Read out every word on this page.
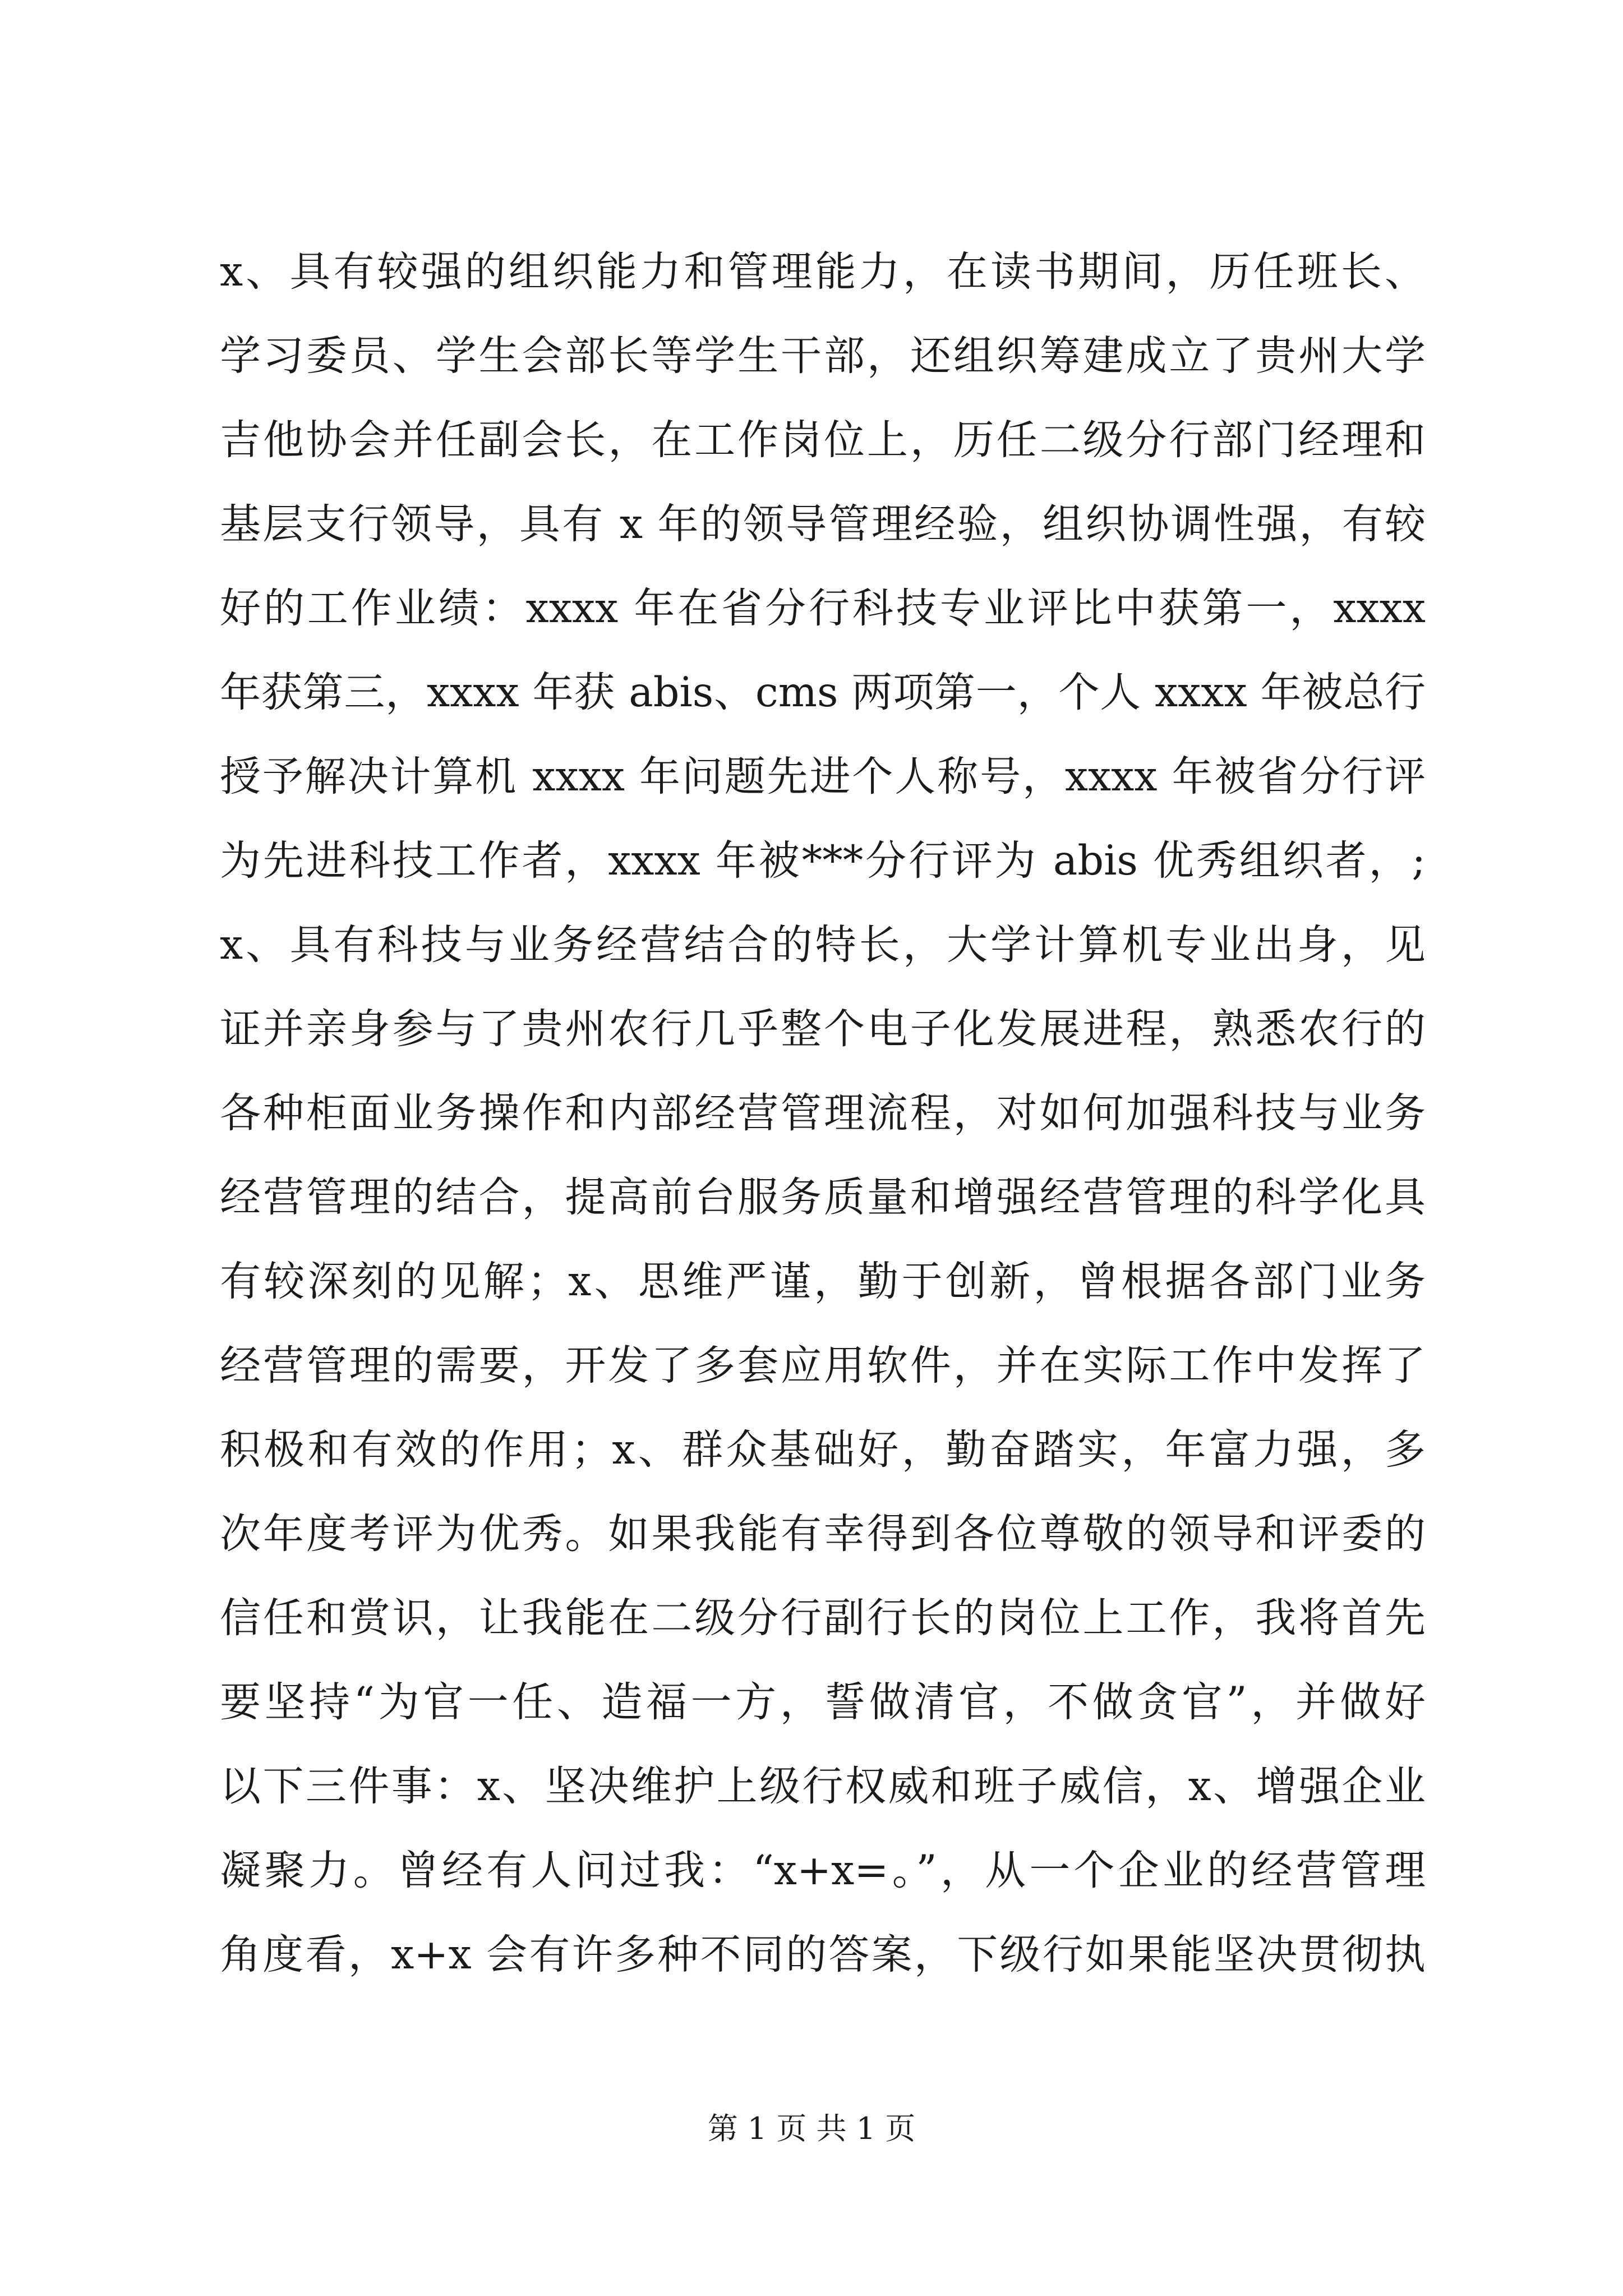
x、具有较强的组织能力和管理能力，在读书期间，历任班长、
学习委员、学生会部长等学生干部，还组织筹建成立了贵州大学
吉他协会并任副会长，在工作岗位上，历任二级分行部门经理和
基层支行领导，具有 x 年的领导管理经验，组织协调性强，有较
好的工作业绩：xxxx 年在省分行科技专业评比中获第一，xxxx
年获第三，xxxx 年获 abis、cms 两项第一，个人 xxxx 年被总行
授予解决计算机 xxxx 年问题先进个人称号，xxxx 年被省分行评
为先进科技工作者，xxxx 年被***分行评为 abis 优秀组织者，;
x、具有科技与业务经营结合的特长，大学计算机专业出身，见
证并亲身参与了贵州农行几乎整个电子化发展进程，熟悉农行的
各种柜面业务操作和内部经营管理流程，对如何加强科技与业务
经营管理的结合，提高前台服务质量和增强经营管理的科学化具
有较深刻的见解；x、思维严谨，勤于创新，曾根据各部门业务
经营管理的需要，开发了多套应用软件，并在实际工作中发挥了
积极和有效的作用；x、群众基础好，勤奋踏实，年富力强，多
次年度考评为优秀。如果我能有幸得到各位尊敬的领导和评委的
信任和赏识，让我能在二级分行副行长的岗位上工作，我将首先
要坚持“为官一任、造福一方，誓做清官，不做贪官”，并做好
以下三件事：x、坚决维护上级行权威和班子威信，x、增强企业
凝聚力。曾经有人问过我：“x+x=。”，从一个企业的经营管理
角度看，x+x 会有许多种不同的答案，下级行如果能坚决贯彻执
第 1 页 共 1 页
